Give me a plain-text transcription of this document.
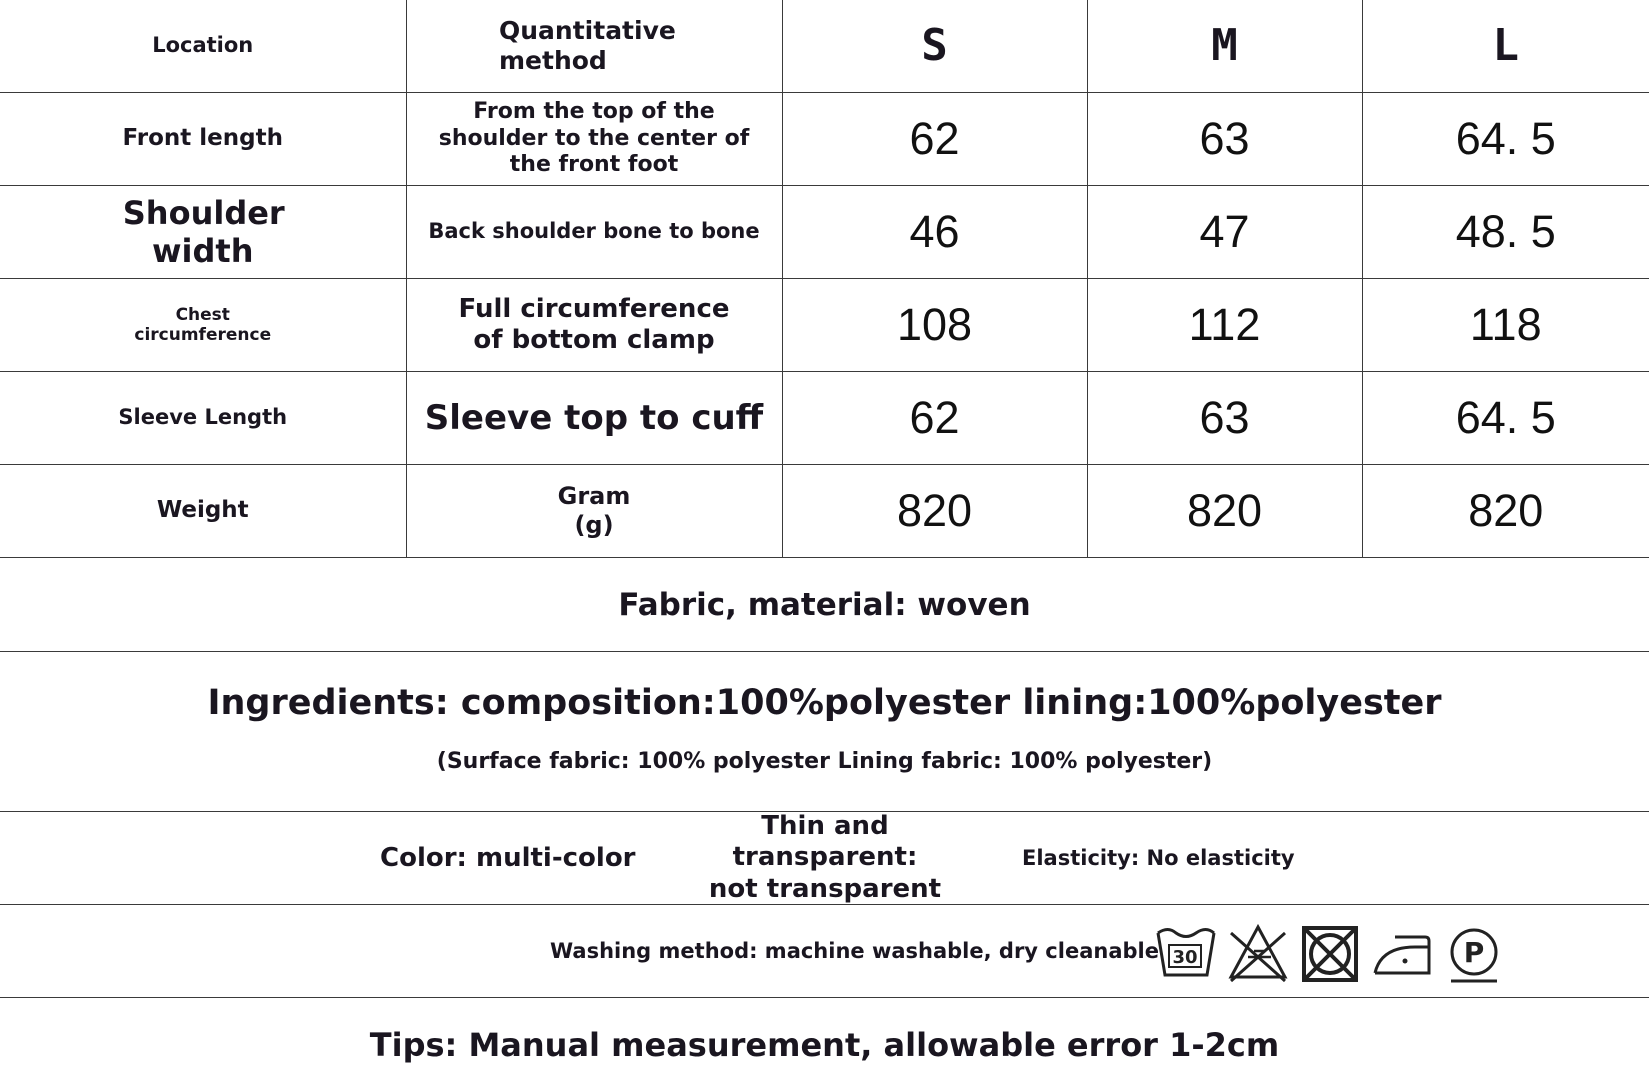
Location	Quantitative method	S	M	L
Front length	From the top of the shoulder to the center of the front foot	62	63	64. 5
Shoulder width	Back shoulder bone to bone	46	47	48. 5
Chest circumference	Full circumference of bottom clamp	108	112	118
Sleeve Length	Sleeve top to cuff	62	63	64. 5
Weight	Gram (g)	820	820	820
Fabric, material: woven
Ingredients: composition:100%polyester lining:100%polyester
(Surface fabric: 100% polyester Lining fabric: 100% polyester)
Color: multi-color
Thin and transparent:
not transparent
Elasticity: No elasticity
Washing method: machine washable, dry cleanable 30	P
Tips: Manual measurement, allowable error 1-2cm
